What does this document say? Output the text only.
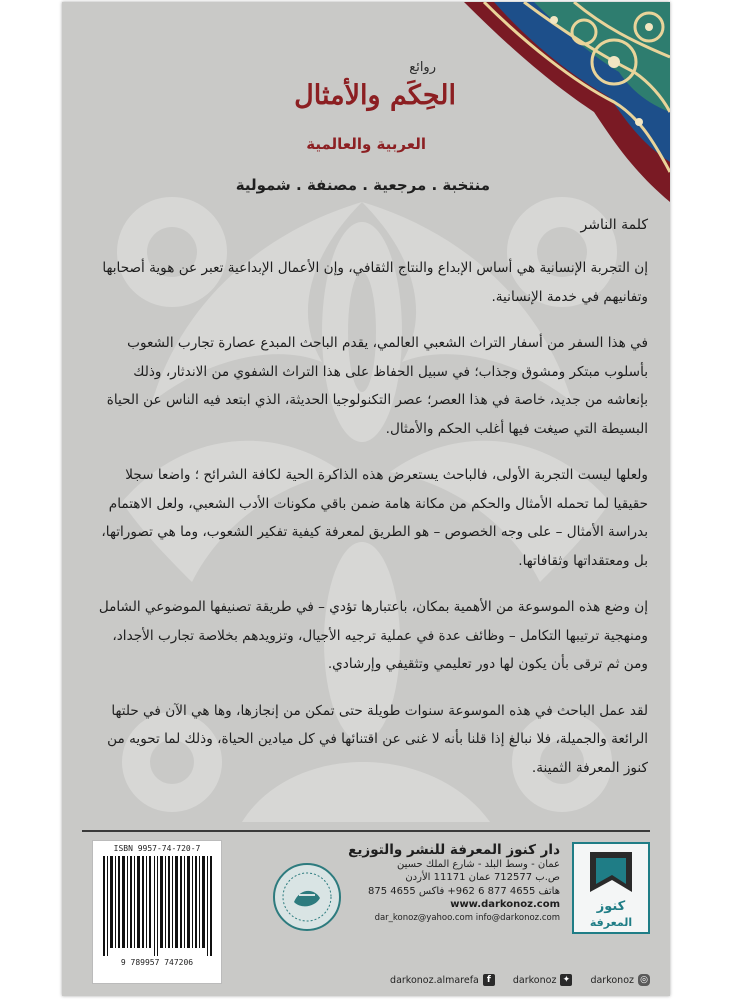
روائع
الحِكَم والأمثال
العربية والعالمية
منتخبة . مرجعية . مصنفة . شمولية
كلمة الناشر

إن التجربة الإنسانية هي أساس الإبداع والنتاج الثقافي، وإن الأعمال الإبداعية تعبر عن هوية أصحابها وتفانيهم في خدمة الإنسانية.

في هذا السفر من أسفار التراث الشعبي العالمي، يقدم الباحث المبدع عصارة تجارب الشعوب بأسلوب مبتكر ومشوق وجذاب؛ في سبيل الحفاظ على هذا التراث الشفوي من الاندثار، وذلك بإنعاشه من جديد، خاصة في هذا العصر؛ عصر التكنولوجيا الحديثة، الذي ابتعد فيه الناس عن الحياة البسيطة التي صيغت فيها أغلب الحكم والأمثال.

ولعلها ليست التجربة الأولى، فالباحث يستعرض هذه الذاكرة الحية لكافة الشرائح ؛ واضعا سجلا حقيقيا لما تحمله الأمثال والحكم من مكانة هامة ضمن باقي مكونات الأدب الشعبي، ولعل الاهتمام بدراسة الأمثال – على وجه الخصوص – هو الطريق لمعرفة كيفية تفكير الشعوب، وما هي تصوراتها، بل ومعتقداتها وثقافاتها.

إن وضع هذه الموسوعة من الأهمية بمكان، باعتبارها تؤدي – في طريقة تصنيفها الموضوعي الشامل ومنهجية ترتيبها التكامل – وظائف عدة في عملية ترجيه الأجيال، وتزويدهم بخلاصة تجارب الأجداد، ومن ثم ترقى بأن يكون لها دور تعليمي وتثقيفي وإرشادي.

لقد عمل الباحث في هذه الموسوعة سنوات طويلة حتى تمكن من إنجازها، وها هي الآن في حلتها الرائعة والجميلة، فلا نبالغ إذا قلنا بأنه لا غنى عن اقتنائها في كل ميادين الحياة، وذلك لما تحويه من كنوز المعرفة الثمينة.

ISBN 9957-74-720-7
9 789957 747206
دار كنوز المعرفة للنشر والتوزيع
عمان - وسط البلد - شارع الملك حسين
ص.ب 712577 عمان 11171 الأردن
هاتف 4655 877 6 962+ فاكس 4655 875
www.darkonoz.com
dar_konoz@yahoo.com info@darkonoz.com
كنوز
المعرفة
◎
darkonoz
✦
darkonoz
f
darkonoz.almarefa
